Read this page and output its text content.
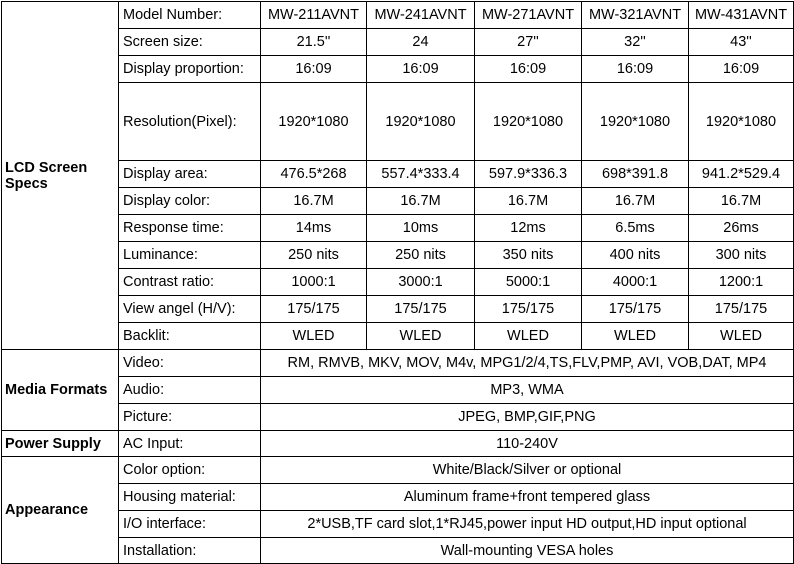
LCD Screen Specs	Model Number:	MW-211AVNT	MW-241AVNT	MW-271AVNT	MW-321AVNT	MW-431AVNT
	Screen size:	21.5''	24	27''	32''	43''
	Display proportion:	16:09	16:09	16:09	16:09	16:09
	Resolution(Pixel):	1920*1080	1920*1080	1920*1080	1920*1080	1920*1080
	Display area:	476.5*268	557.4*333.4	597.9*336.3	698*391.8	941.2*529.4
	Display color:	16.7M	16.7M	16.7M	16.7M	16.7M
	Response time:	14ms	10ms	12ms	6.5ms	26ms
	Luminance:	250 nits	250 nits	350 nits	400 nits	300 nits
	Contrast ratio:	1000:1	3000:1	5000:1	4000:1	1200:1
	View angel (H/V):	175/175	175/175	175/175	175/175	175/175
	Backlit:	WLED	WLED	WLED	WLED	WLED
Media Formats	Video:	RM, RMVB, MKV, MOV, M4v, MPG1/2/4,TS,FLV,PMP, AVI, VOB,DAT, MP4				
	Audio:	MP3, WMA				
	Picture:	JPEG, BMP,GIF,PNG				
Power Supply	AC Input:	110-240V				
Appearance	Color option:	White/Black/Silver or optional				
	Housing material:	Aluminum frame+front tempered glass				
	I/O interface:	2*USB,TF card slot,1*RJ45,power input HD output,HD input optional				
	Installation:	Wall-mounting VESA holes				
